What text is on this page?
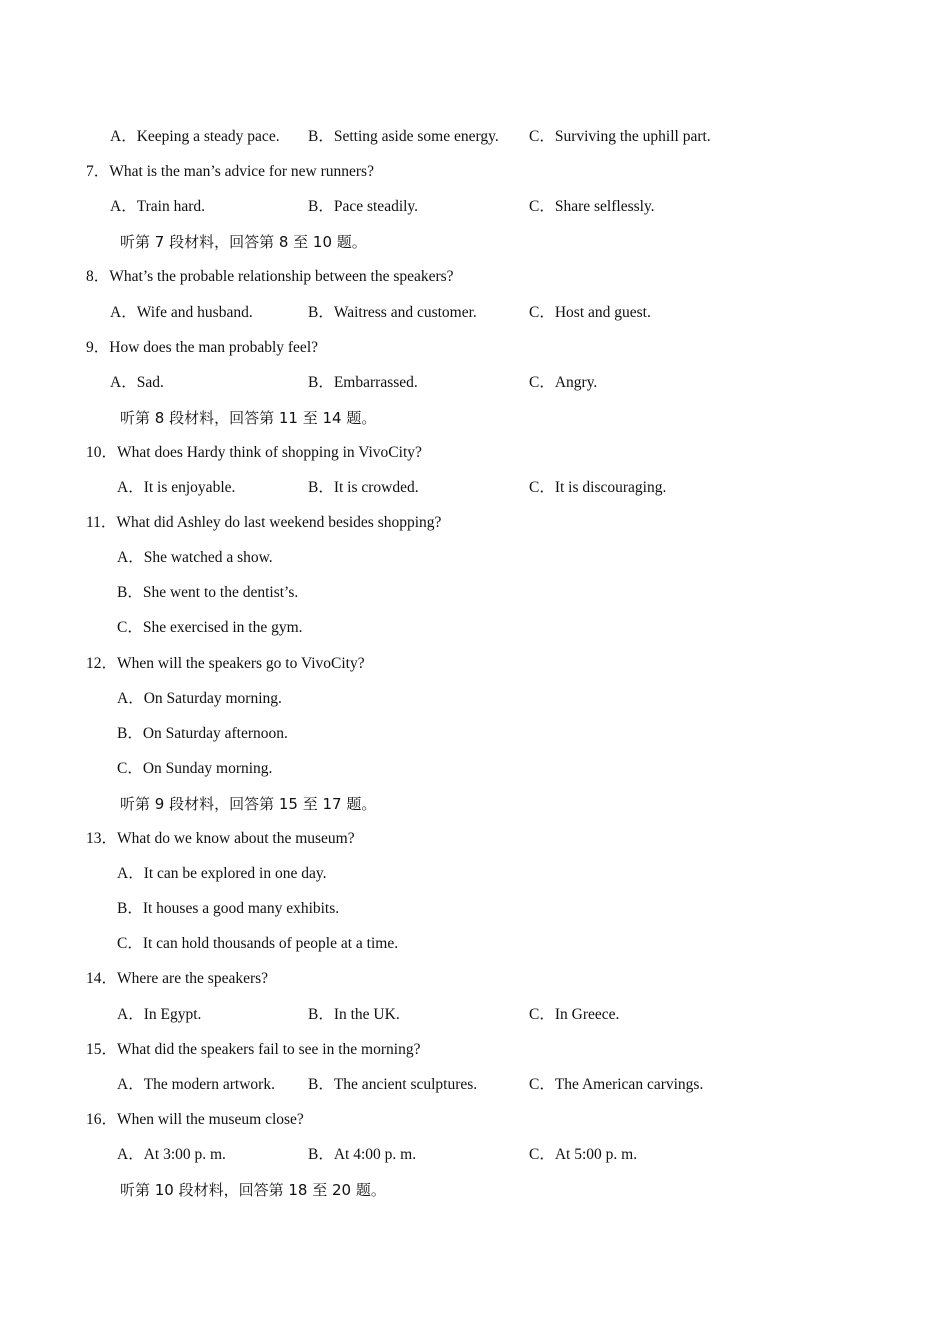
A．Keeping a steady pace. B．Setting aside some energy. C．Surviving the uphill part.
7．What is the man’s advice for new runners?
A．Train hard.	B．Pace steadily.	C．Share selflessly.
听第 7 段材料，回答第 8 至 10 题。
8．What’s the probable relationship between the speakers?
A．Wife and husband.	B．Waitress and customer.	C．Host and guest.
9．How does the man probably feel?
A．Sad.	B．Embarrassed.	C．Angry.
听第 8 段材料，回答第 11 至 14 题。
10．What does Hardy think of shopping in VivoCity?
A．It is enjoyable.	B．It is crowded.	C．It is discouraging.
11．What did Ashley do last weekend besides shopping?
A．She watched a show.
B．She went to the dentist’s.
C．She exercised in the gym.
12．When will the speakers go to VivoCity?
A．On Saturday morning.
B．On Saturday afternoon.
C．On Sunday morning.
听第 9 段材料，回答第 15 至 17 题。
13．What do we know about the museum?
A．It can be explored in one day.
B．It houses a good many exhibits.
C．It can hold thousands of people at a time.
14．Where are the speakers?
A．In Egypt.	B．In the UK.	C．In Greece.
15．What did the speakers fail to see in the morning?
A．The modern artwork. B．The ancient sculptures.	C．The American carvings.
16．When will the museum close?
A．At 3:00 p. m.	B．At 4:00 p. m.	C．At 5:00 p. m.
听第 10 段材料，回答第 18 至 20 题。
